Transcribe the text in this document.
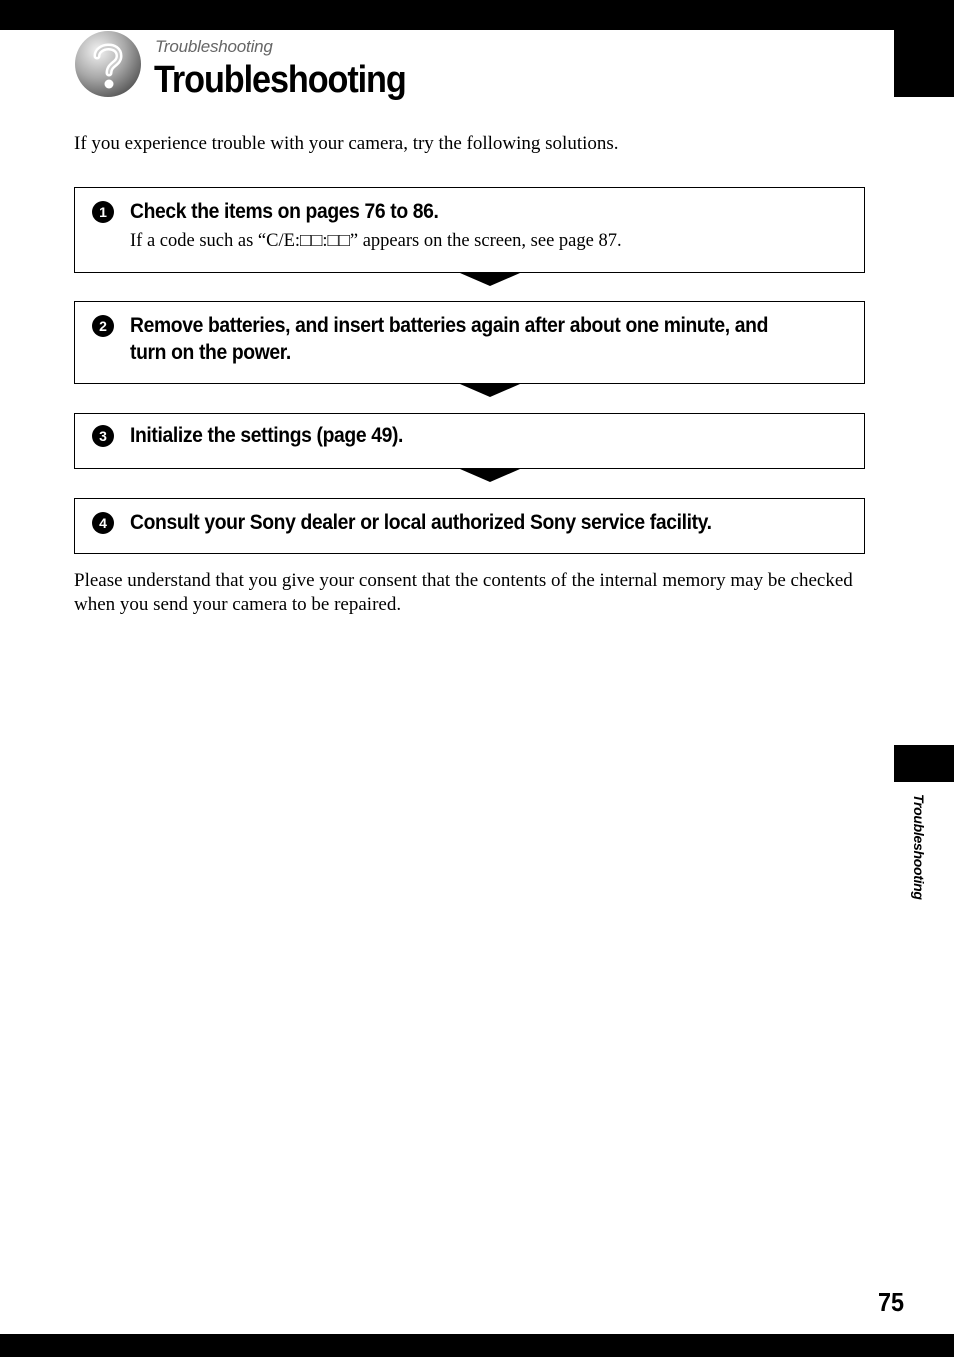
Troubleshooting
Troubleshooting
If you experience trouble with your camera, try the following solutions.
1	Check the items on pages 76 to 86.
If a code such as “C/E:□□:□□” appears on the screen, see page 87.
2	Remove batteries, and insert batteries again after about one minute, and turn on the power.
3	Initialize the settings (page 49).
4	Consult your Sony dealer or local authorized Sony service facility.
Please understand that you give your consent that the contents of the internal memory may be checked when you send your camera to be repaired.
Troubleshooting
75
